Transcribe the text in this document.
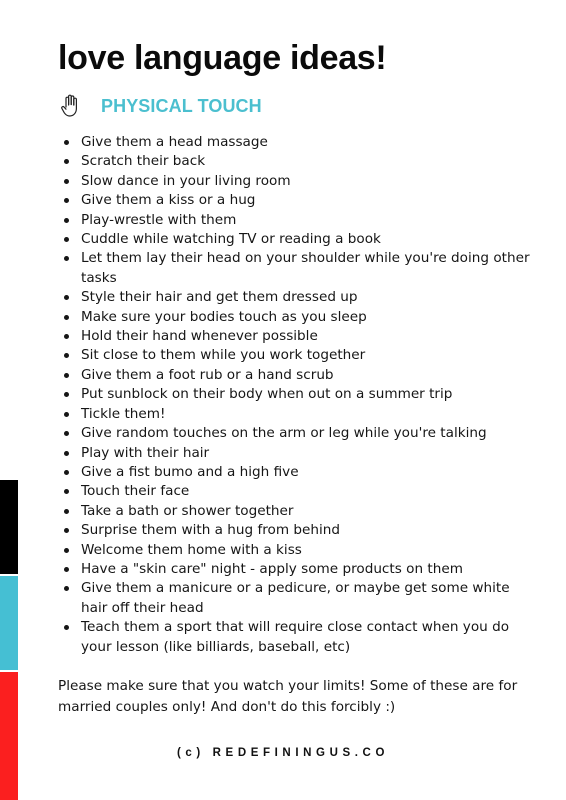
love language ideas!
PHYSICAL TOUCH
Give them a head massage
Scratch their back
Slow dance in your living room
Give them a kiss or a hug
Play-wrestle with them
Cuddle while watching TV or reading a book
Let them lay their head on your shoulder while you're doing other tasks
Style their hair and get them dressed up
Make sure your bodies touch as you sleep
Hold their hand whenever possible
Sit close to them while you work together
Give them a foot rub or a hand scrub
Put sunblock on their body when out on a summer trip
Tickle them!
Give random touches on the arm or leg while you're talking
Play with their hair
Give a fist bumo and a high five
Touch their face
Take a bath or shower together
Surprise them with a hug from behind
Welcome them home with a kiss
Have a "skin care" night - apply some products on them
Give them a manicure or a pedicure, or maybe get some white hair off their head
Teach them a sport that will require close contact when you do your lesson (like billiards, baseball, etc)

Please make sure that you watch your limits! Some of these are for married couples only! And don't do this forcibly :)

(c) REDEFININGUS.CO
